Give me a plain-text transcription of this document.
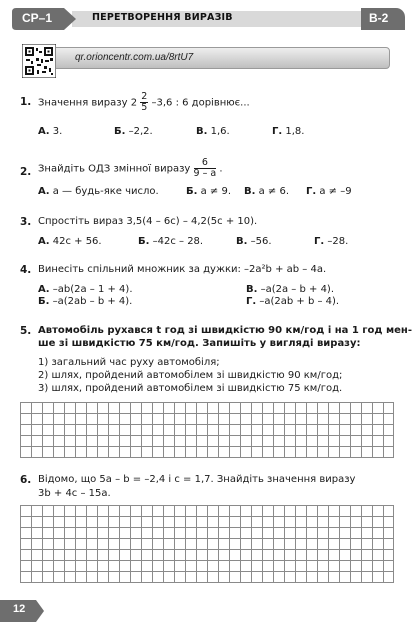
ПЕРЕТВОРЕННЯ ВИРАЗІВ
СР–1	В-2
qr.orioncentr.com.ua/8rtU7
1. Значення виразу $2 \frac{2}{5} -3,6$ : 6 дорівнює...
А. 3.	Б. –2,2.	В. 1,6.	Г. 1,8.
2. Знайдіть ОДЗ змінної виразу $\frac{6}{9 - a}$ .
А. a — будь-яке число.	Б. a ≠ 9. В. a ≠ 6. Г. a ≠ –9
3. Спростіть вираз 3,5(4 – 6c) – 4,2(5c + 10).
А. 42c + 56.	Б. –42c – 28.	В. –56.	Г. –28.
4. Винесіть спільний множник за дужки: –2a²b + ab – 4a.
А. –ab(2a – 1 + 4).	В. –a(2a – b + 4).
Б. –a(2ab – b + 4).	Г. –a(2ab + b – 4).
5. Автомобіль рухався t год зі швидкістю 90 км/год і на 1 год мен-
ше зі швидкістю 75 км/год. Запишіть у вигляді виразу:
1) загальний час руху автомобіля;
2) шлях, пройдений автомобілем зі швидкістю 90 км/год;
3) шлях, пройдений автомобілем зі швидкістю 75 км/год.
6. Відомо, що 5a – b = –2,4 і c = 1,7. Знайдіть значення виразу
3b + 4c – 15a.
12
